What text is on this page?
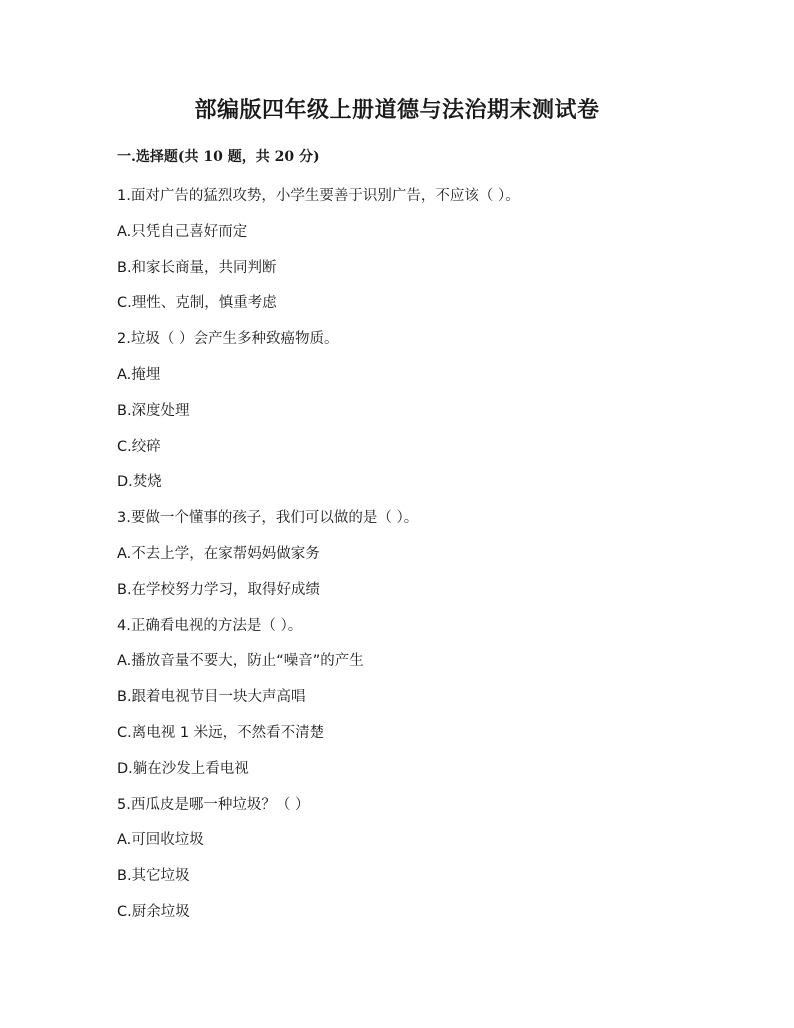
部编版四年级上册道德与法治期末测试卷
一.选择题(共 10 题，共 20 分)
1.面对广告的猛烈攻势，小学生要善于识别广告，不应该（ ）。
A.只凭自己喜好而定
B.和家长商量，共同判断
C.理性、克制，慎重考虑
2.垃圾（ ）会产生多种致癌物质。
A.掩埋
B.深度处理
C.绞碎
D.焚烧
3.要做一个懂事的孩子，我们可以做的是（ ）。
A.不去上学，在家帮妈妈做家务
B.在学校努力学习，取得好成绩
4.正确看电视的方法是（ ）。
A.播放音量不要大，防止“噪音”的产生
B.跟着电视节目一块大声高唱
C.离电视 1 米远，不然看不清楚
D.躺在沙发上看电视
5.西瓜皮是哪一种垃圾？（ ）
A.可回收垃圾
B.其它垃圾
C.厨余垃圾
